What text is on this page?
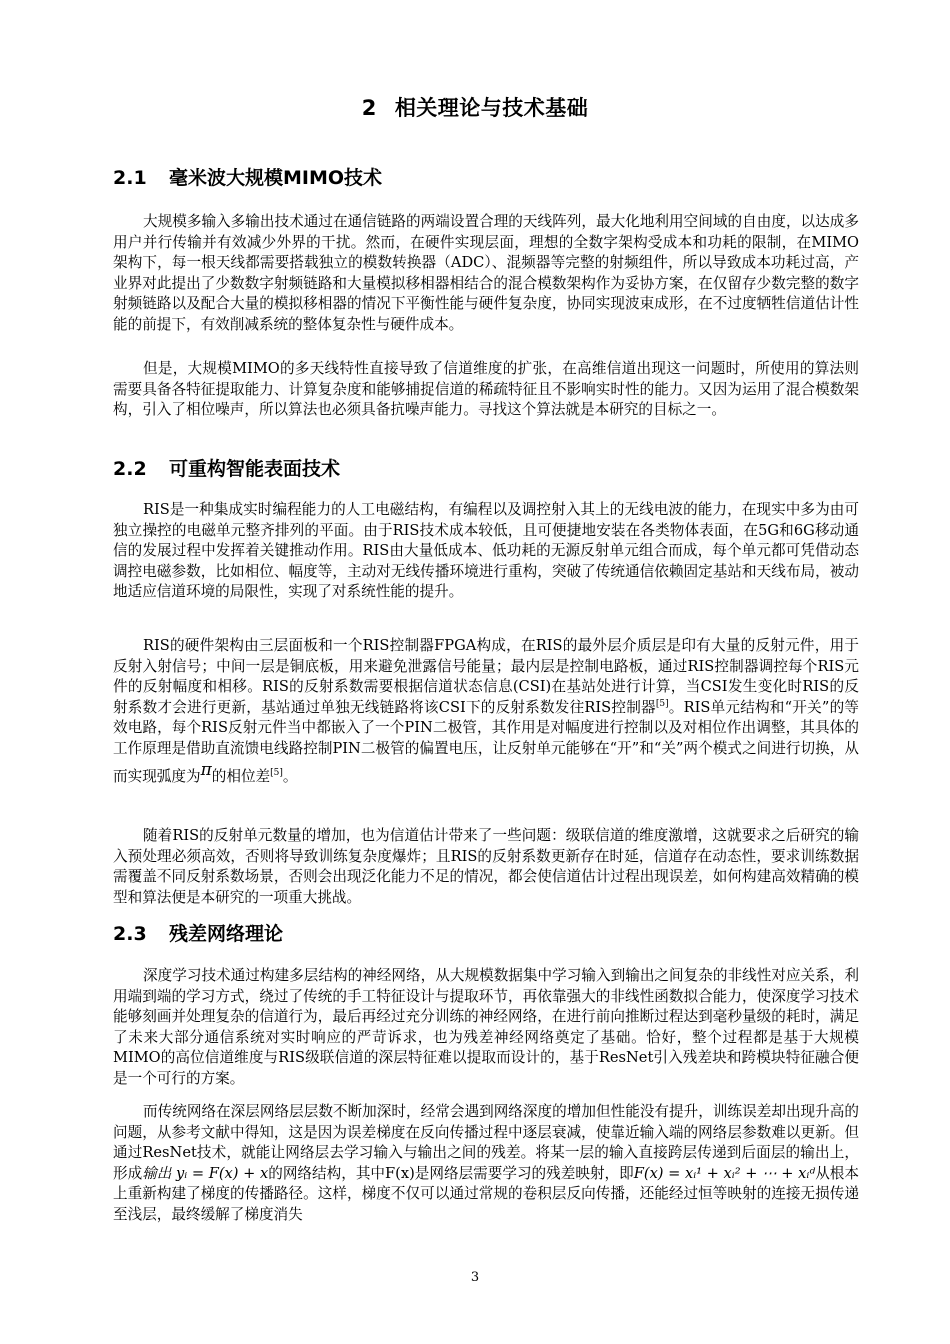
2 相关理论与技术基础
2.1 毫米波大规模MIMO技术

大规模多输入多输出技术通过在通信链路的两端设置合理的天线阵列，最大化地利用空间域的自由度，以达成多用户并行传输并有效减少外界的干扰。然而，在硬件实现层面，理想的全数字架构受成本和功耗的限制，在MIMO架构下，每一根天线都需要搭载独立的模数转换器（ADC）、混频器等完整的射频组件，所以导致成本功耗过高，产业界对此提出了少数数字射频链路和大量模拟移相器相结合的混合模数架构作为妥协方案，在仅留存少数完整的数字射频链路以及配合大量的模拟移相器的情况下平衡性能与硬件复杂度，协同实现波束成形，在不过度牺牲信道估计性能的前提下，有效削减系统的整体复杂性与硬件成本。

但是，大规模MIMO的多天线特性直接导致了信道维度的扩张，在高维信道出现这一问题时，所使用的算法则需要具备各特征提取能力、计算复杂度和能够捕捉信道的稀疏特征且不影响实时性的能力。又因为运用了混合模数架构，引入了相位噪声，所以算法也必须具备抗噪声能力。寻找这个算法就是本研究的目标之一。

2.2 可重构智能表面技术

RIS是一种集成实时编程能力的人工电磁结构，有编程以及调控射入其上的无线电波的能力，在现实中多为由可独立操控的电磁单元整齐排列的平面。由于RIS技术成本较低，且可便捷地安装在各类物体表面，在5G和6G移动通信的发展过程中发挥着关键推动作用。RIS由大量低成本、低功耗的无源反射单元组合而成，每个单元都可凭借动态调控电磁参数，比如相位、幅度等，主动对无线传播环境进行重构，突破了传统通信依赖固定基站和天线布局，被动地适应信道环境的局限性，实现了对系统性能的提升。

RIS的硬件架构由三层面板和一个RIS控制器FPGA构成，在RIS的最外层介质层是印有大量的反射元件，用于反射入射信号；中间一层是铜底板，用来避免泄露信号能量；最内层是控制电路板，通过RIS控制器调控每个RIS元件的反射幅度和相移。RIS的反射系数需要根据信道状态信息(CSI)在基站处进行计算，当CSI发生变化时RIS的反射系数才会进行更新，基站通过单独无线链路将该CSI下的反射系数发往RIS控制器[5]。RIS单元结构和“开关”的等效电路，每个RIS反射元件当中都嵌入了一个PIN二极管，其作用是对幅度进行控制以及对相位作出调整，其具体的工作原理是借助直流馈电线路控制PIN二极管的偏置电压，让反射单元能够在“开”和“关”两个模式之间进行切换，从而实现弧度为π的相位差[5]。

随着RIS的反射单元数量的增加，也为信道估计带来了一些问题：级联信道的维度激增，这就要求之后研究的输入预处理必须高效，否则将导致训练复杂度爆炸；且RIS的反射系数更新存在时延，信道存在动态性，要求训练数据需覆盖不同反射系数场景，否则会出现泛化能力不足的情况，都会使信道估计过程出现误差，如何构建高效精确的模型和算法便是本研究的一项重大挑战。

2.3 残差网络理论

深度学习技术通过构建多层结构的神经网络，从大规模数据集中学习输入到输出之间复杂的非线性对应关系，利用端到端的学习方式，绕过了传统的手工特征设计与提取环节，再依靠强大的非线性函数拟合能力，使深度学习技术能够刻画并处理复杂的信道行为，最后再经过充分训练的神经网络，在进行前向推断过程达到毫秒量级的耗时，满足了未来大部分通信系统对实时响应的严苛诉求，也为残差神经网络奠定了基础。恰好，整个过程都是基于大规模MIMO的高位信道维度与RIS级联信道的深层特征难以提取而设计的，基于ResNet引入残差块和跨模块特征融合便是一个可行的方案。

而传统网络在深层网络层层数不断加深时，经常会遇到网络深度的增加但性能没有提升，训练误差却出现升高的问题，从参考文献中得知，这是因为误差梯度在反向传播过程中逐层衰减，使靠近输入端的网络层参数难以更新。但通过ResNet技术，就能让网络层去学习输入与输出之间的残差。将某一层的输入直接跨层传递到后面层的输出上，形成输出 yᵢ = F(x) + x的网络结构，其中F(x)是网络层需要学习的残差映射，即F(x) = xᵢ¹ + xᵢ² + ⋯ + xᵢᵈ从根本上重新构建了梯度的传播路径。这样，梯度不仅可以通过常规的卷积层反向传播，还能经过恒等映射的连接无损传递至浅层，最终缓解了梯度消失

3
